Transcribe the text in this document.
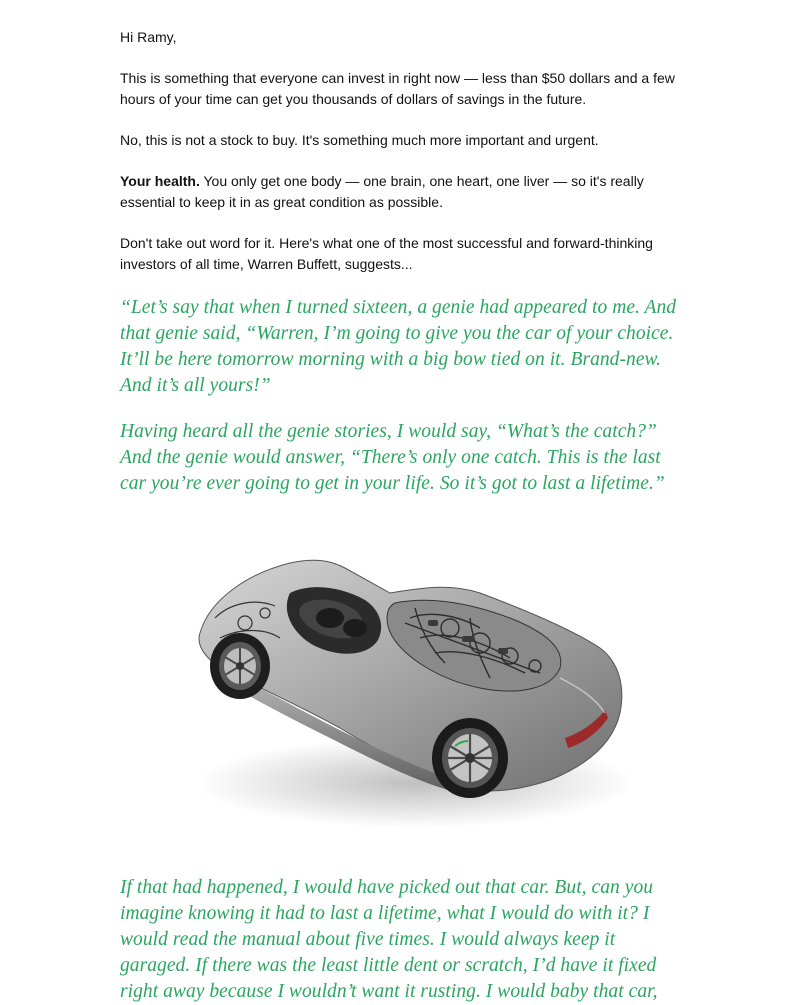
Hi Ramy,

This is something that everyone can invest in right now — less than $50 dollars and a few hours of your time can get you thousands of dollars of savings in the future.

No, this is not a stock to buy. It's something much more important and urgent.

Your health. You only get one body — one brain, one heart, one liver — so it's really essential to keep it in as great condition as possible.

Don't take out word for it. Here's what one of the most successful and forward-thinking investors of all time, Warren Buffett, suggests...

“Let’s say that when I turned sixteen, a genie had appeared to me. And that genie said, “Warren, I’m going to give you the car of your choice. It’ll be here tomorrow morning with a big bow tied on it. Brand-new. And it’s all yours!”

Having heard all the genie stories, I would say, “What’s the catch?” And the genie would answer, “There’s only one catch. This is the last car you’re ever going to get in your life. So it’s got to last a lifetime.”

If that had happened, I would have picked out that car. But, can you imagine knowing it had to last a lifetime, what I would do with it? I would read the manual about five times. I would always keep it garaged. If there was the least little dent or scratch, I’d have it fixed right away because I wouldn’t want it rusting. I would baby that car,
